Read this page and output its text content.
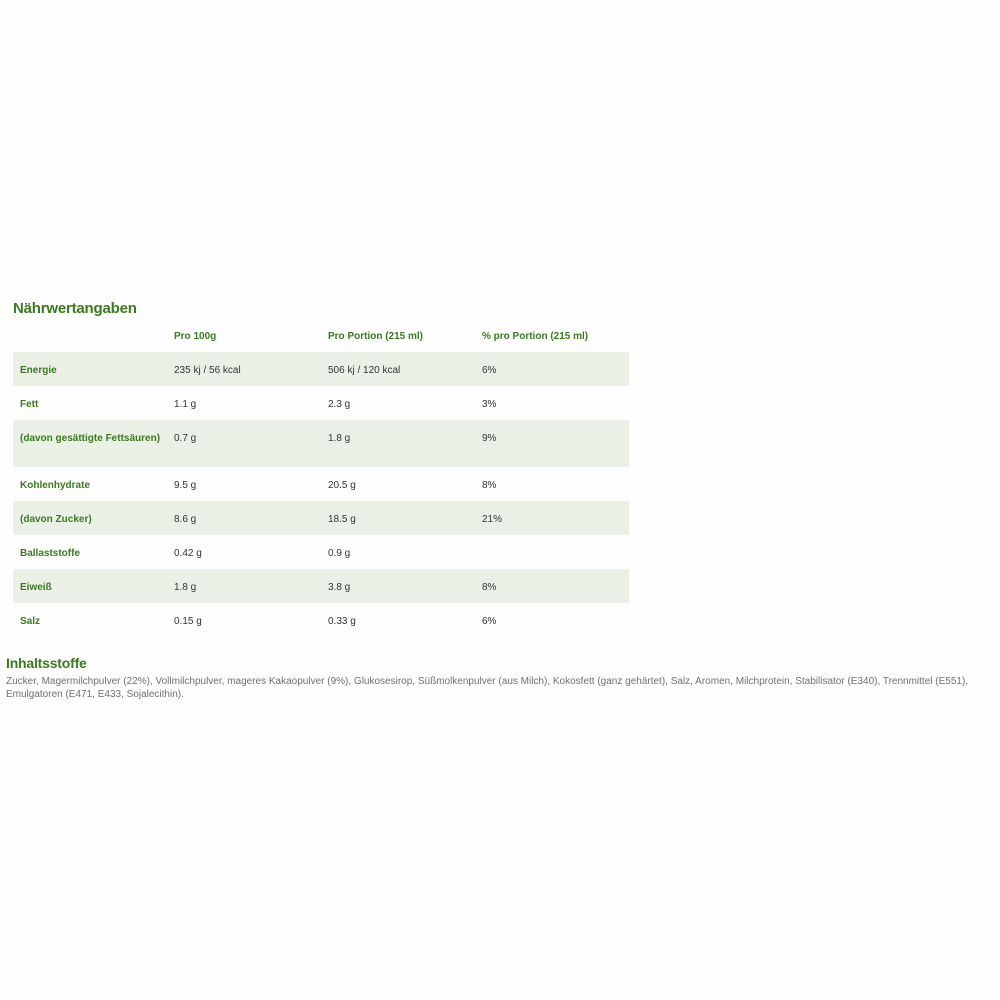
Nährwertangaben
	Pro 100g	Pro Portion (215 ml)	% pro Portion (215 ml)
Energie	235 kj / 56 kcal	506 kj / 120 kcal	6%
Fett	1.1 g	2.3 g	3%
(davon gesättigte Fettsäuren)	0.7 g	1.8 g	9%
Kohlenhydrate	9.5 g	20.5 g	8%
(davon Zucker)	8.6 g	18.5 g	21%
Ballaststoffe	0.42 g	0.9 g	
Eiweiß	1.8 g	3.8 g	8%
Salz	0.15 g	0.33 g	6%
Inhaltsstoffe

Zucker, Magermilchpulver (22%), Vollmilchpulver, mageres Kakaopulver (9%), Glukosesirop, Süßmolkenpulver (aus Milch), Kokosfett (ganz gehärtet), Salz, Aromen, Milchprotein, Stabilisator (E340), Trennmittel (E551), Emulgatoren (E471, E433, Sojalecithin).
